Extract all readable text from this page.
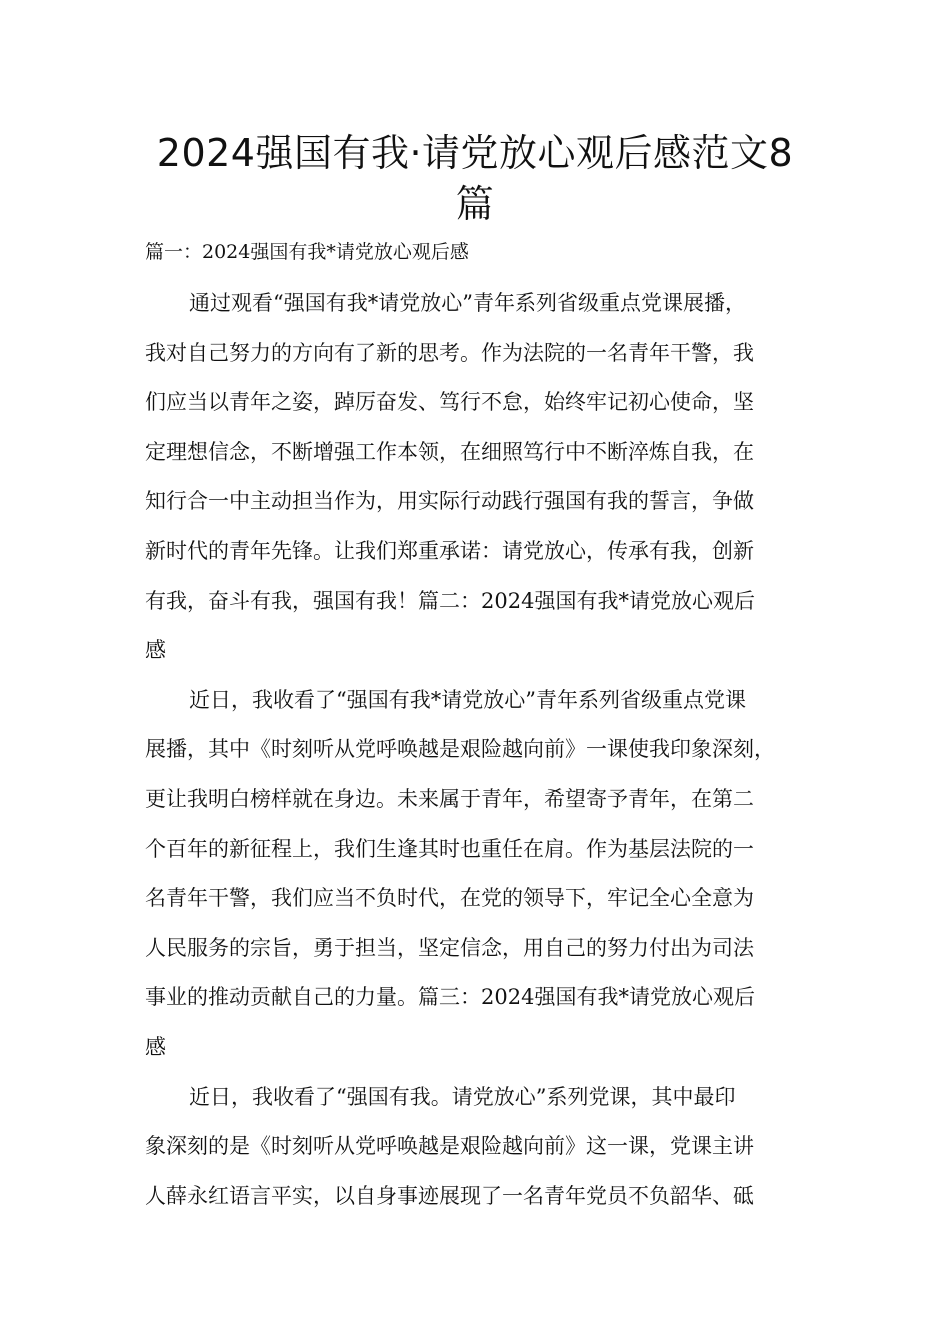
2024强国有我·请党放心观后感范文8
篇

篇一：2024强国有我*请党放心观后感

通过观看“强国有我*请党放心”青年系列省级重点党课展播，
我对自己努力的方向有了新的思考。作为法院的一名青年干警，我
们应当以青年之姿，踔厉奋发、笃行不怠，始终牢记初心使命，坚
定理想信念，不断增强工作本领，在细照笃行中不断淬炼自我，在
知行合一中主动担当作为，用实际行动践行强国有我的誓言，争做
新时代的青年先锋。让我们郑重承诺：请党放心，传承有我，创新
有我，奋斗有我，强国有我！篇二：2024强国有我*请党放心观后
感

近日，我收看了“强国有我*请党放心”青年系列省级重点党课
展播，其中《时刻听从党呼唤越是艰险越向前》一课使我印象深刻，
更让我明白榜样就在身边。未来属于青年，希望寄予青年，在第二
个百年的新征程上，我们生逢其时也重任在肩。作为基层法院的一
名青年干警，我们应当不负时代，在党的领导下，牢记全心全意为
人民服务的宗旨，勇于担当，坚定信念，用自己的努力付出为司法
事业的推动贡献自己的力量。篇三：2024强国有我*请党放心观后
感

近日，我收看了“强国有我。请党放心”系列党课，其中最印
象深刻的是《时刻听从党呼唤越是艰险越向前》这一课，党课主讲
人薛永红语言平实，以自身事迹展现了一名青年党员不负韶华、砥
